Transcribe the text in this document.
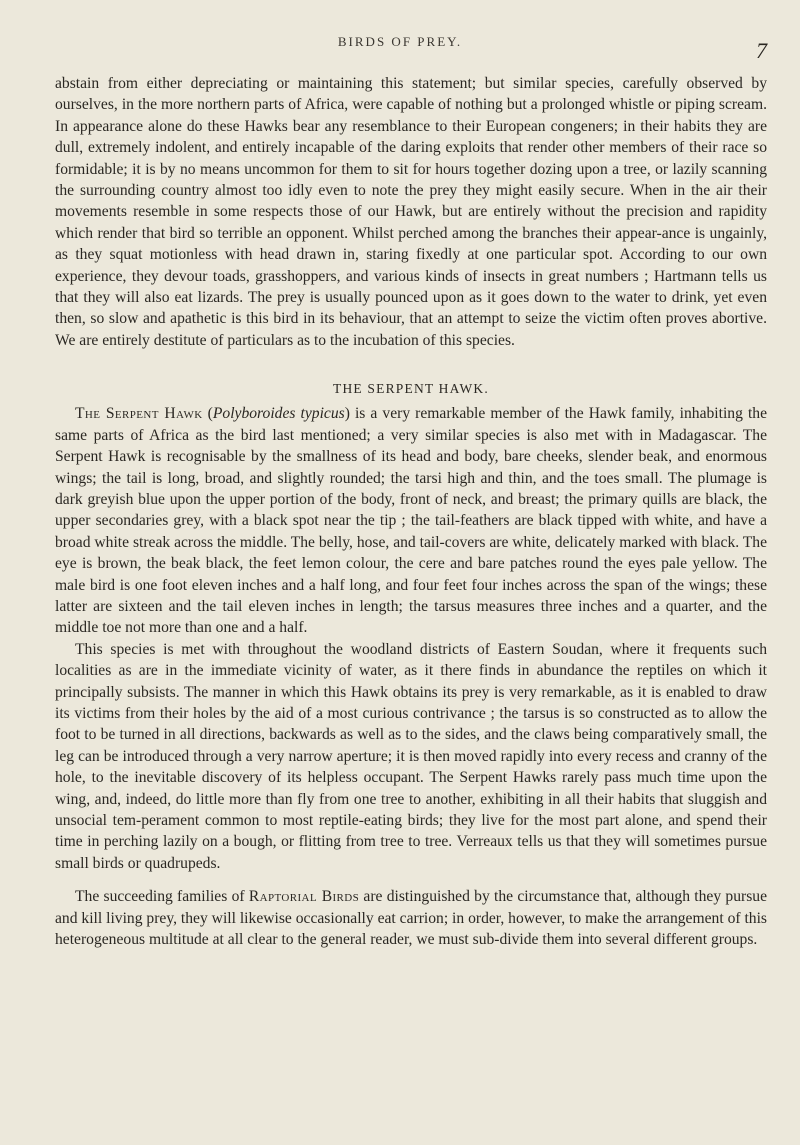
BIRDS OF PREY.	7

abstain from either depreciating or maintaining this statement; but similar species, carefully observed by ourselves, in the more northern parts of Africa, were capable of nothing but a prolonged whistle or piping scream. In appearance alone do these Hawks bear any resemblance to their European congeners; in their habits they are dull, extremely indolent, and entirely incapable of the daring exploits that render other members of their race so formidable; it is by no means uncommon for them to sit for hours together dozing upon a tree, or lazily scanning the surrounding country almost too idly even to note the prey they might easily secure. When in the air their movements resemble in some respects those of our Hawk, but are entirely without the precision and rapidity which render that bird so terrible an opponent. Whilst perched among the branches their appear-ance is ungainly, as they squat motionless with head drawn in, staring fixedly at one particular spot. According to our own experience, they devour toads, grasshoppers, and various kinds of insects in great numbers ; Hartmann tells us that they will also eat lizards. The prey is usually pounced upon as it goes down to the water to drink, yet even then, so slow and apathetic is this bird in its behaviour, that an attempt to seize the victim often proves abortive. We are entirely destitute of particulars as to the incubation of this species.

THE SERPENT HAWK.

The Serpent Hawk (Polyboroides typicus) is a very remarkable member of the Hawk family, inhabiting the same parts of Africa as the bird last mentioned; a very similar species is also met with in Madagascar. The Serpent Hawk is recognisable by the smallness of its head and body, bare cheeks, slender beak, and enormous wings; the tail is long, broad, and slightly rounded; the tarsi high and thin, and the toes small. The plumage is dark greyish blue upon the upper portion of the body, front of neck, and breast; the primary quills are black, the upper secondaries grey, with a black spot near the tip ; the tail-feathers are black tipped with white, and have a broad white streak across the middle. The belly, hose, and tail-covers are white, delicately marked with black. The eye is brown, the beak black, the feet lemon colour, the cere and bare patches round the eyes pale yellow. The male bird is one foot eleven inches and a half long, and four feet four inches across the span of the wings; these latter are sixteen and the tail eleven inches in length; the tarsus measures three inches and a quarter, and the middle toe not more than one and a half.

This species is met with throughout the woodland districts of Eastern Soudan, where it frequents such localities as are in the immediate vicinity of water, as it there finds in abundance the reptiles on which it principally subsists. The manner in which this Hawk obtains its prey is very remarkable, as it is enabled to draw its victims from their holes by the aid of a most curious contrivance ; the tarsus is so constructed as to allow the foot to be turned in all directions, backwards as well as to the sides, and the claws being comparatively small, the leg can be introduced through a very narrow aperture; it is then moved rapidly into every recess and cranny of the hole, to the inevitable discovery of its helpless occupant. The Serpent Hawks rarely pass much time upon the wing, and, indeed, do little more than fly from one tree to another, exhibiting in all their habits that sluggish and unsocial tem-perament common to most reptile-eating birds; they live for the most part alone, and spend their time in perching lazily on a bough, or flitting from tree to tree. Verreaux tells us that they will sometimes pursue small birds or quadrupeds.

The succeeding families of Raptorial Birds are distinguished by the circumstance that, although they pursue and kill living prey, they will likewise occasionally eat carrion; in order, however, to make the arrangement of this heterogeneous multitude at all clear to the general reader, we must sub-divide them into several different groups.
